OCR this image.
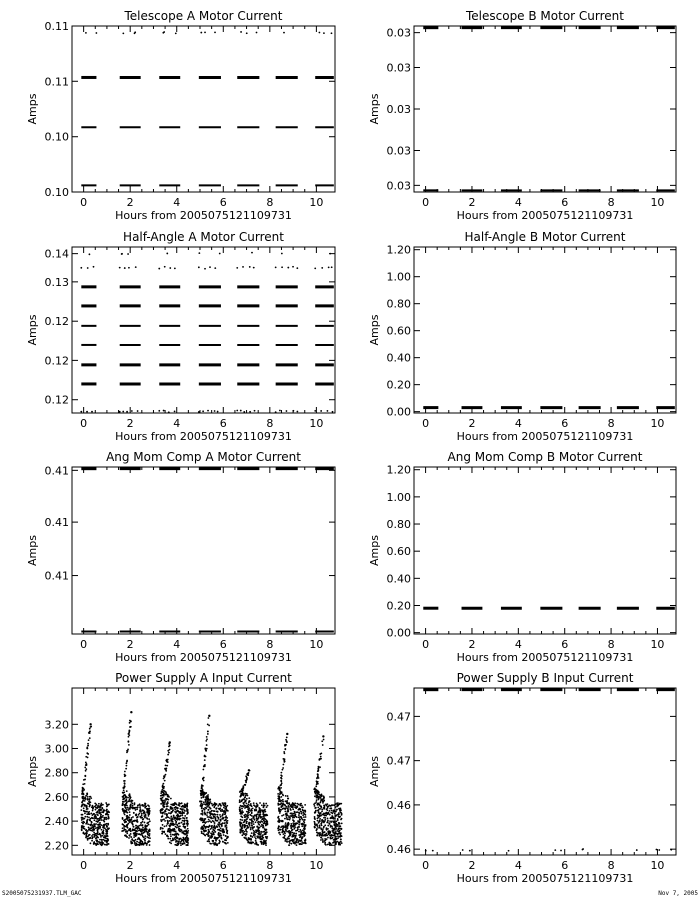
Telescope A Motor Current
0	2	4	6	8	10
0.10
0.10
0.11
0.11
Hours from 2005075121109731
Amps
Telescope B Motor Current
0	2	4	6	8	10
0.03
0.03
0.03
0.03
0.03
Hours from 2005075121109731
Amps
Half-Angle A Motor Current
0	2	4	6	8	10
0.12
0.12
0.12
0.13
0.14
Hours from 2005075121109731
Amps
Half-Angle B Motor Current
0	2	4	6	8	10
0.00
0.20
0.40
0.60
0.80
1.00
1.20
Hours from 2005075121109731
Amps
Ang Mom Comp A Motor Current
0	2	4	6	8	10
0.41
0.41
0.41
Hours from 2005075121109731
Amps
Ang Mom Comp B Motor Current
0	2	4	6	8	10
0.00
0.20
0.40
0.60
0.80
1.00
1.20
Hours from 2005075121109731
Amps
Power Supply A Input Current
0	2	4	6	8	10
2.20
2.40
2.60
2.80
3.00
3.20
Hours from 2005075121109731
Amps
Power Supply B Input Current
0	2	4	6	8	10
0.46
0.46
0.47
0.47
Hours from 2005075121109731
Amps
S2005075231937.TLM_GAC	Nov 7, 2005
